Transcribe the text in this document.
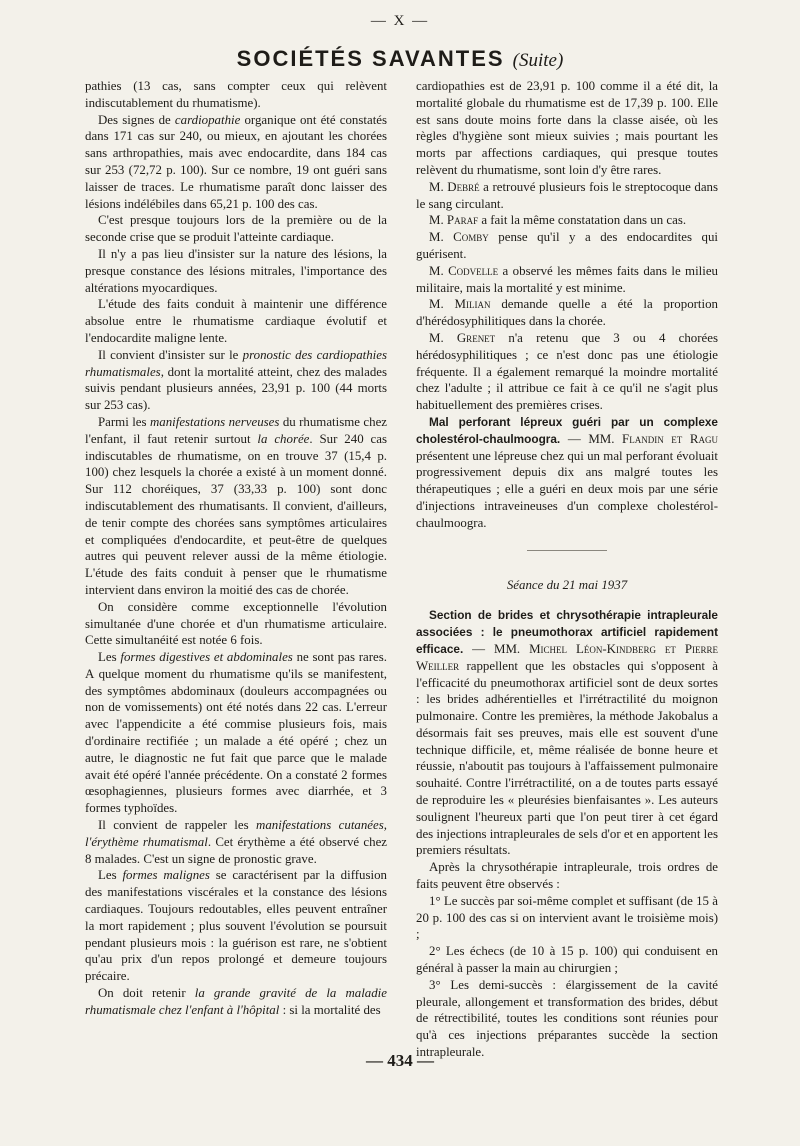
— X —
SOCIÉTÉS SAVANTES (Suite)

pathies (13 cas, sans compter ceux qui relèvent indiscutablement du rhumatisme).

Des signes de cardiopathie organique ont été constatés dans 171 cas sur 240, ou mieux, en ajoutant les chorées sans arthropathies, mais avec endocardite, dans 184 cas sur 253 (72,72 p. 100). Sur ce nombre, 19 ont guéri sans laisser de traces. Le rhumatisme paraît donc laisser des lésions indélébiles dans 65,21 p. 100 des cas.

C'est presque toujours lors de la première ou de la seconde crise que se produit l'atteinte cardiaque.

Il n'y a pas lieu d'insister sur la nature des lésions, la presque constance des lésions mitrales, l'importance des altérations myocardiques.

L'étude des faits conduit à maintenir une différence absolue entre le rhumatisme cardiaque évolutif et l'endocardite maligne lente.

Il convient d'insister sur le pronostic des cardiopathies rhumatismales, dont la mortalité atteint, chez des malades suivis pendant plusieurs années, 23,91 p. 100 (44 morts sur 253 cas).

Parmi les manifestations nerveuses du rhumatisme chez l'enfant, il faut retenir surtout la chorée. Sur 240 cas indiscutables de rhumatisme, on en trouve 37 (15,4 p. 100) chez lesquels la chorée a existé à un moment donné. Sur 112 choréiques, 37 (33,33 p. 100) sont donc indiscutablement des rhumatisants. Il convient, d'ailleurs, de tenir compte des chorées sans symptômes articulaires et compliquées d'endocardite, et peut-être de quelques autres qui peuvent relever aussi de la même étiologie. L'étude des faits conduit à penser que le rhumatisme intervient dans environ la moitié des cas de chorée.

On considère comme exceptionnelle l'évolution simultanée d'une chorée et d'un rhumatisme articulaire. Cette simultanéité est notée 6 fois.

Les formes digestives et abdominales ne sont pas rares. A quelque moment du rhumatisme qu'ils se manifestent, des symptômes abdominaux (douleurs accompagnées ou non de vomissements) ont été notés dans 22 cas. L'erreur avec l'appendicite a été commise plusieurs fois, mais d'ordinaire rectifiée ; un malade a été opéré ; chez un autre, le diagnostic ne fut fait que parce que le malade avait été opéré l'année précédente. On a constaté 2 formes œsophagiennes, plusieurs formes avec diarrhée, et 3 formes typhoïdes.

Il convient de rappeler les manifestations cutanées, l'érythème rhumatismal. Cet érythème a été observé chez 8 malades. C'est un signe de pronostic grave.

Les formes malignes se caractérisent par la diffusion des manifestations viscérales et la constance des lésions cardiaques. Toujours redoutables, elles peuvent entraîner la mort rapidement ; plus souvent l'évolution se poursuit pendant plusieurs mois : la guérison est rare, ne s'obtient qu'au prix d'un repos prolongé et demeure toujours précaire.

On doit retenir la grande gravité de la maladie rhumatismale chez l'enfant à l'hôpital : si la mortalité des

cardiopathies est de 23,91 p. 100 comme il a été dit, la mortalité globale du rhumatisme est de 17,39 p. 100. Elle est sans doute moins forte dans la classe aisée, où les règles d'hygiène sont mieux suivies ; mais pourtant les morts par affections cardiaques, qui presque toutes relèvent du rhumatisme, sont loin d'y être rares.

M. Debré a retrouvé plusieurs fois le streptocoque dans le sang circulant.

M. Paraf a fait la même constatation dans un cas.

M. Comby pense qu'il y a des endocardites qui guérisent.

M. Codvelle a observé les mêmes faits dans le milieu militaire, mais la mortalité y est minime.

M. Milian demande quelle a été la proportion d'hérédosyphilitiques dans la chorée.

M. Grenet n'a retenu que 3 ou 4 chorées hérédosyphilitiques ; ce n'est donc pas une étiologie fréquente. Il a également remarqué la moindre mortalité chez l'adulte ; il attribue ce fait à ce qu'il ne s'agit plus habituellement des premières crises.

Mal perforant lépreux guéri par un complexe cholestérol-chaulmoogra. — MM. Flandin et Ragu présentent une lépreuse chez qui un mal perforant évoluait progressivement depuis dix ans malgré toutes les thérapeutiques ; elle a guéri en deux mois par une série d'injections intraveineuses d'un complexe cholestérol-chaulmoogra.

Séance du 21 mai 1937

Section de brides et chrysothérapie intrapleurale associées : le pneumothorax artificiel rapidement efficace. — MM. Michel Léon-Kindberg et Pierre Weiller rappellent que les obstacles qui s'opposent à l'efficacité du pneumothorax artificiel sont de deux sortes : les brides adhérentielles et l'irrétractilité du moignon pulmonaire. Contre les premières, la méthode Jakobalus a désormais fait ses preuves, mais elle est souvent d'une technique difficile, et, même réalisée de bonne heure et réussie, n'aboutit pas toujours à l'affaissement pulmonaire souhaité. Contre l'irrétractilité, on a de toutes parts essayé de reproduire les « pleurésies bienfaisantes ». Les auteurs soulignent l'heureux parti que l'on peut tirer à cet égard des injections intrapleurales de sels d'or et en apportent les premiers résultats.

Après la chrysothérapie intrapleurale, trois ordres de faits peuvent être observés :

1° Le succès par soi-même complet et suffisant (de 15 à 20 p. 100 des cas si on intervient avant le troisième mois) ;

2° Les échecs (de 10 à 15 p. 100) qui conduisent en général à passer la main au chirurgien ;

3° Les demi-succès : élargissement de la cavité pleurale, allongement et transformation des brides, début de rétrectibilité, toutes les conditions sont réunies pour qu'à ces injections préparantes succède la section intrapleurale.

— 434 —
